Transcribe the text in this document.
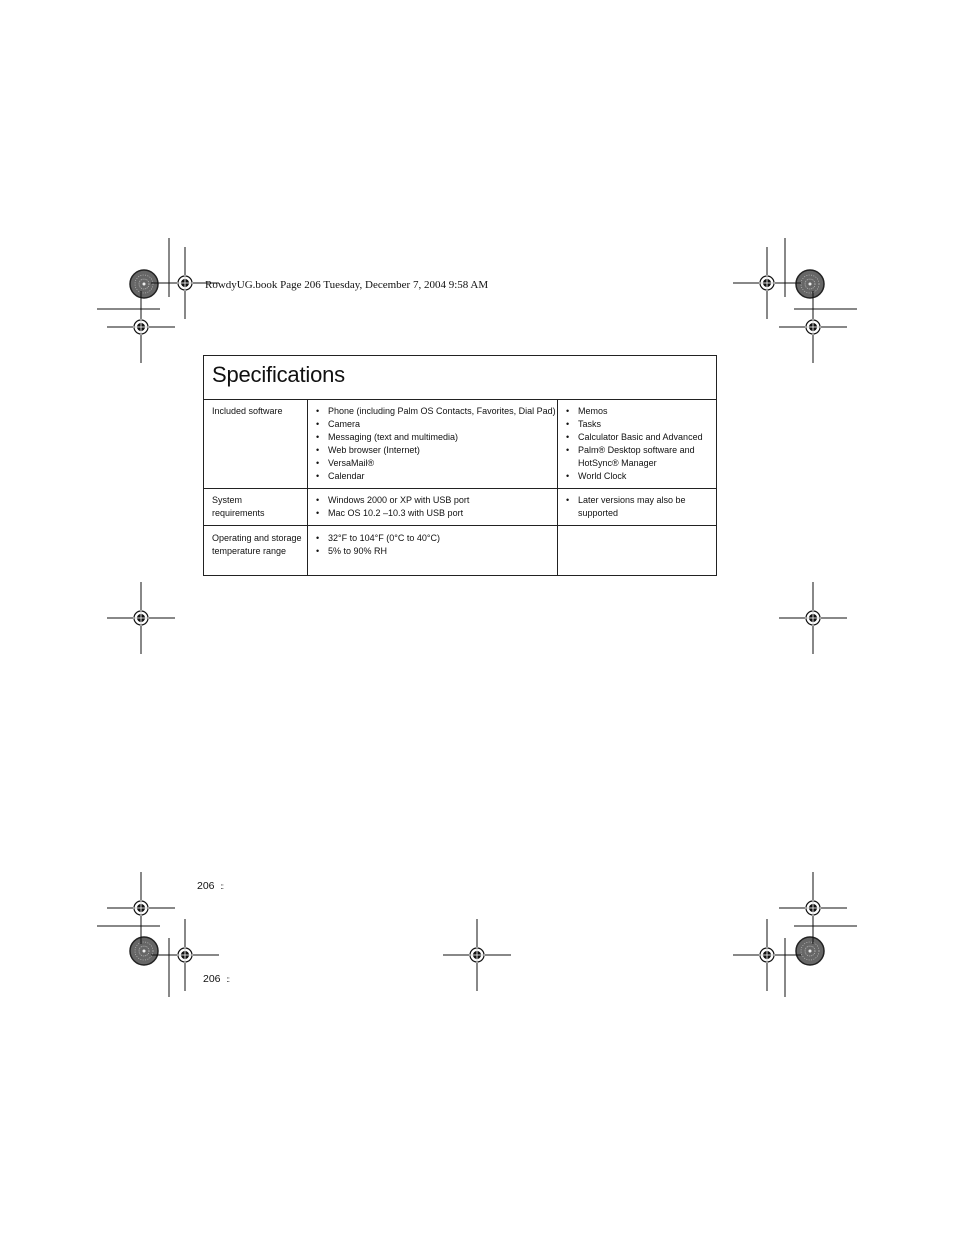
RowdyUG.book Page 206 Tuesday, December 7, 2004 9:58 AM
Specifications
Included software
•	Phone (including Palm OS Contacts, Favorites, Dial Pad)
• Camera
• Messaging (text and multimedia)
• Web browser (Internet)
• VersaMail®
• Calendar
• Memos
• Tasks
• Calculator Basic and Advanced
• Palm® Desktop software and HotSync® Manager
• World Clock
System requirements
• Windows 2000 or XP with USB port
• Mac OS 10.2 –10.3 with USB port
• Later versions may also be supported
Operating and storage temperature range
• 32°F to 104°F (0°C to 40°C)
• 5% to 90% RH
206 ::
206 ::
